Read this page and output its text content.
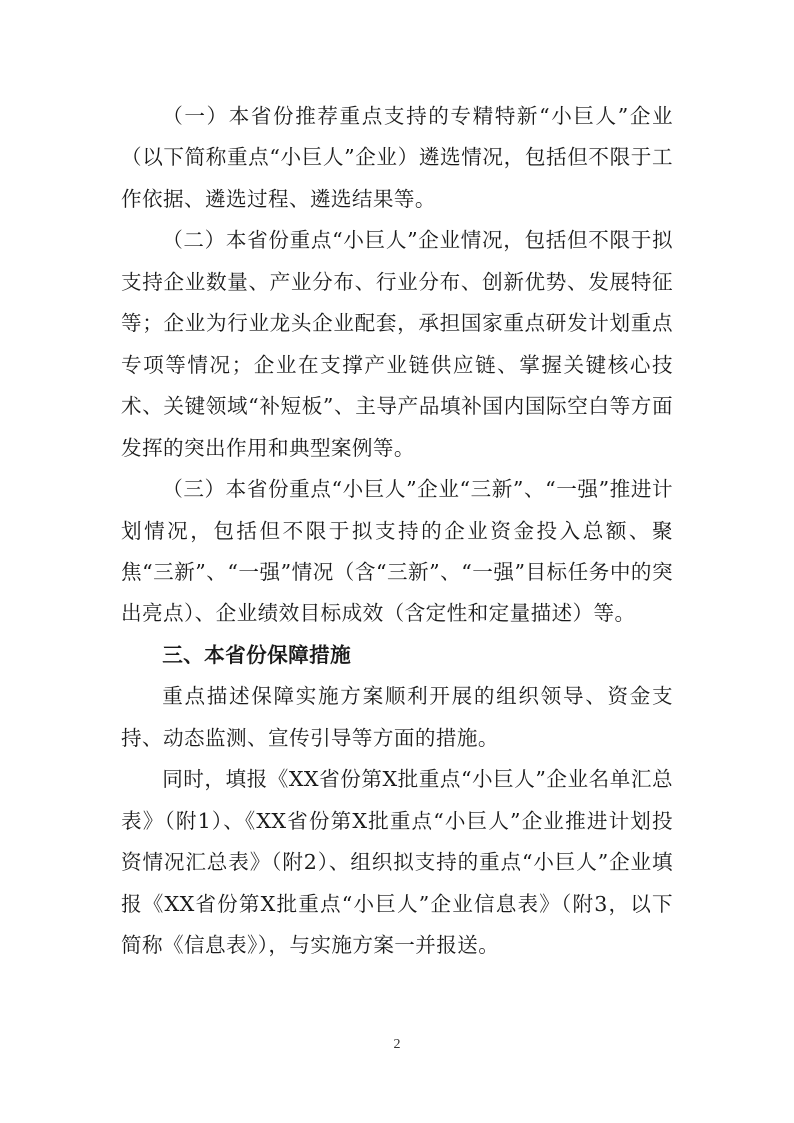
（一）本省份推荐重点支持的专精特新“小巨人”企业（以下简称重点“小巨人”企业）遴选情况，包括但不限于工作依据、遴选过程、遴选结果等。

（二）本省份重点“小巨人”企业情况，包括但不限于拟支持企业数量、产业分布、行业分布、创新优势、发展特征等；企业为行业龙头企业配套，承担国家重点研发计划重点专项等情况；企业在支撑产业链供应链、掌握关键核心技术、关键领域“补短板”、主导产品填补国内国际空白等方面发挥的突出作用和典型案例等。

（三）本省份重点“小巨人”企业“三新”、“一强”推进计划情况，包括但不限于拟支持的企业资金投入总额、聚焦“三新”、“一强”情况（含“三新”、“一强”目标任务中的突出亮点）、企业绩效目标成效（含定性和定量描述）等。

三、本省份保障措施

重点描述保障实施方案顺利开展的组织领导、资金支持、动态监测、宣传引导等方面的措施。

同时，填报《XX省份第X批重点“小巨人”企业名单汇总表》（附1）、《XX省份第X批重点“小巨人”企业推进计划投资情况汇总表》（附2）、组织拟支持的重点“小巨人”企业填报《XX省份第X批重点“小巨人”企业信息表》（附3，以下简称《信息表》），与实施方案一并报送。

2
